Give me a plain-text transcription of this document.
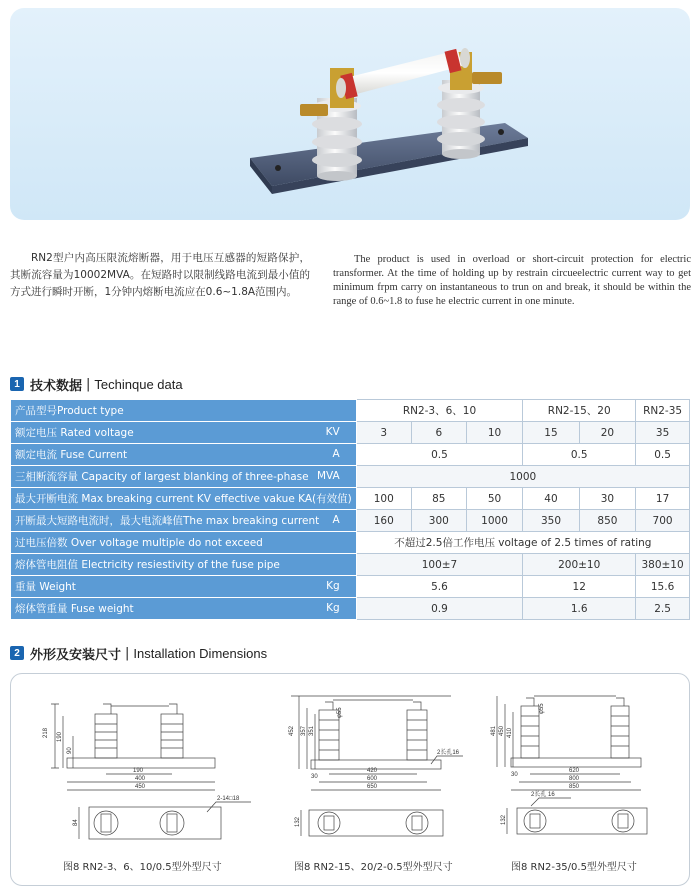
RN2型户内高压限流熔断器，用于电压互感器的短路保护，其断流容量为10002MVA。在短路时以限制线路电流到最小值的方式进行瞬时开断，1分钟内熔断电流应在0.6~1.8A范围内。

The product is used in overload or short-circuit protection for electric transformer. At the time of holding up by restrain circueelectric current way to get minimum frpm carry on instantaneous to trun on and break, it should be within the range of 0.6~1.8 to fuse he electric current in one minute.

1 技术数据 | Techinque data
产品型号Product type	RN2-3、6、10			RN2-15、20		RN2-35
额定电压 Rated voltage KV	3	6	10	15	20	35
额定电流 Fuse Current A	0.5			0.5		0.5
三相断流容量 Capacity of largest blanking of three-phase MVA	1000					
最大开断电流 Max breaking current KV effective vakue KA(有效值)	100	85	50	40	30	17
开断最大短路电流时，最大电流峰值The max breaking current A	160	300	1000	350	850	700
过电压倍数 Over voltage multiple do not exceed	不超过2.5倍工作电压 voltage of 2.5 times of rating					
熔体管电阻值 Electricity resiestivity of the fuse pipe	100±7			200±10		380±10
重量 Weight Kg	5.6			12		15.6
熔体管重量 Fuse weight Kg	0.9			1.6		2.5
2 外形及安装尺寸 | Installation Dimensions
218 190
90
190
400
450
84
2-14□18
452 357 351
φ55
30
420
600
650
2长孔16
132
481 450 410
φ55
30
620
800
850
2长孔 16
132
图8 RN2-3、6、10/0.5型外型尺寸	图8 RN2-15、20/2-0.5型外型尺寸	图8 RN2-35/0.5型外型尺寸
